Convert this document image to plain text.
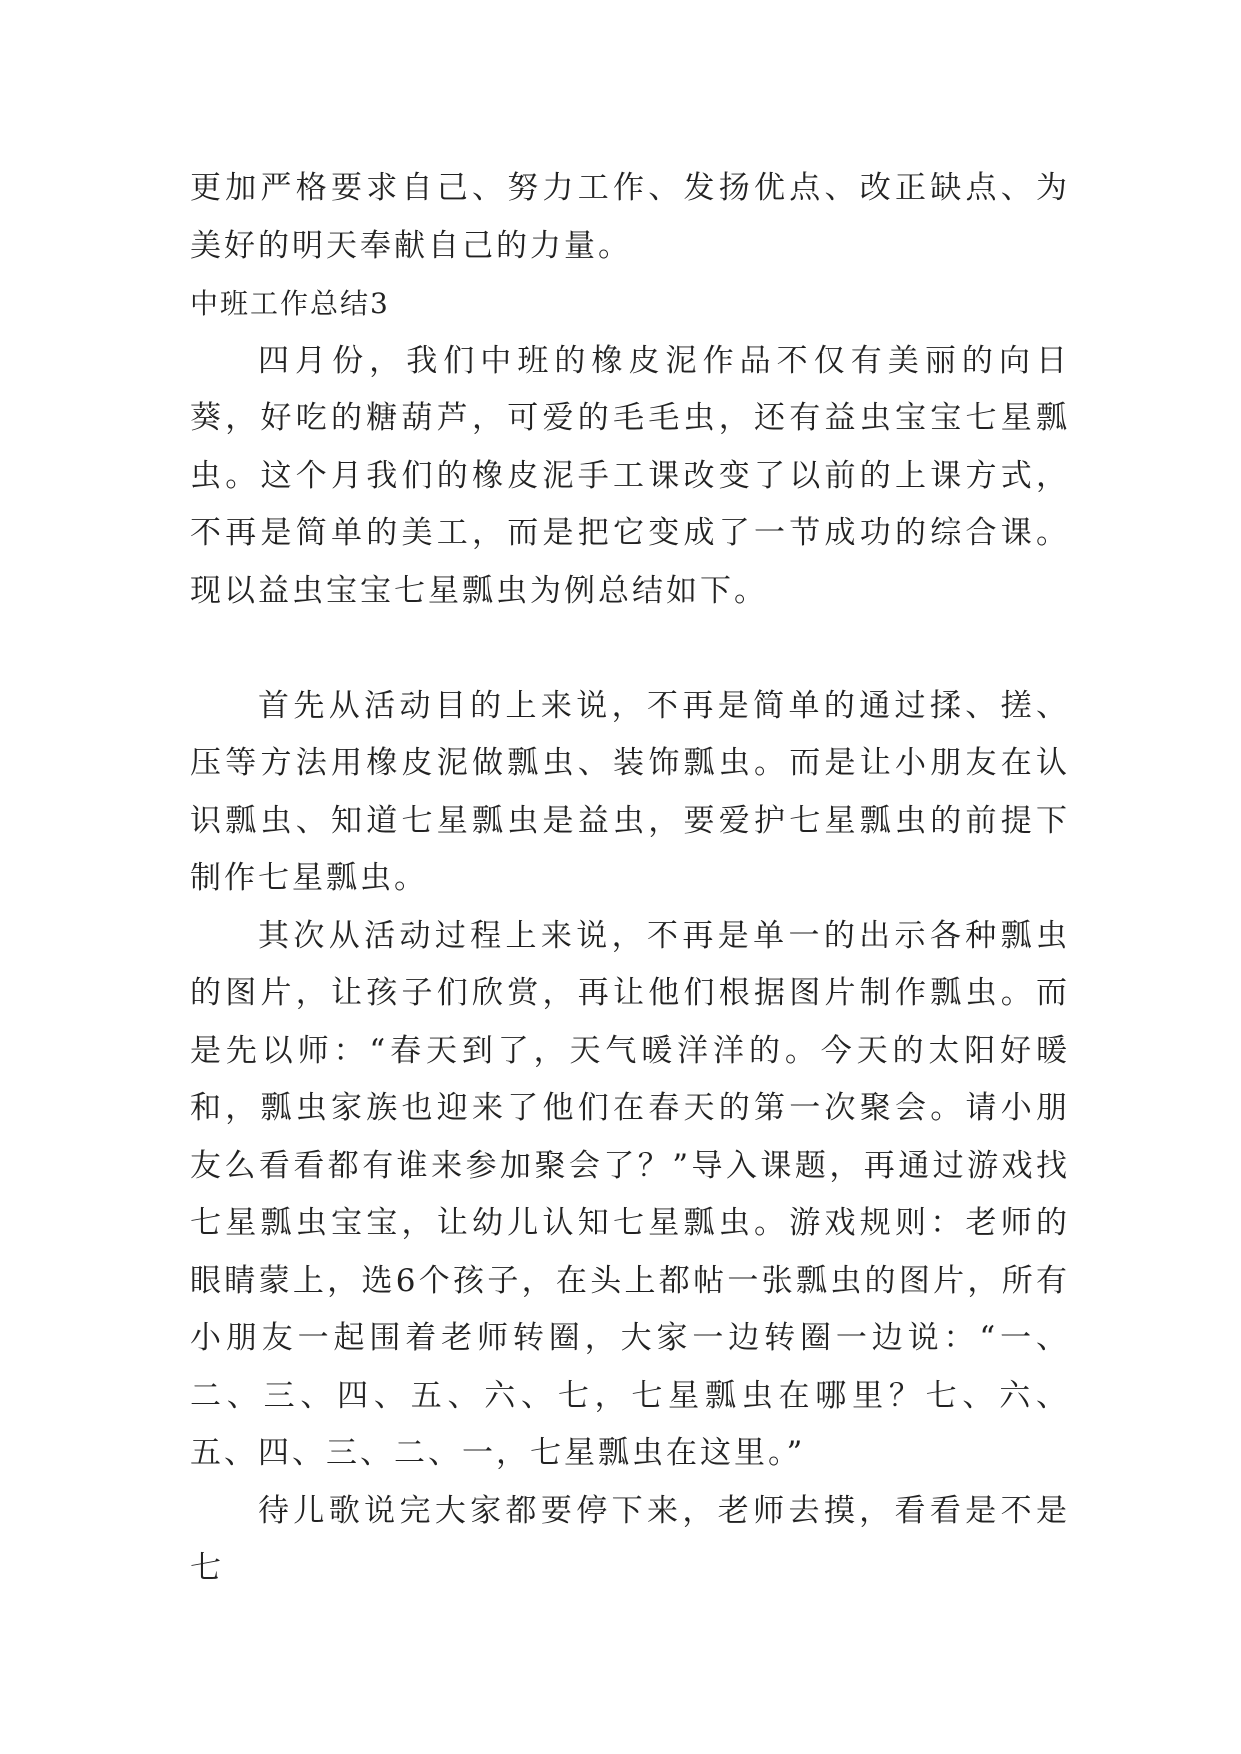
更加严格要求自己、努力工作、发扬优点、改正缺点、为美好的明天奉献自己的力量。

中班工作总结3

四月份，我们中班的橡皮泥作品不仅有美丽的向日葵，好吃的糖葫芦，可爱的毛毛虫，还有益虫宝宝七星瓢虫。这个月我们的橡皮泥手工课改变了以前的上课方式，不再是简单的美工，而是把它变成了一节成功的综合课。现以益虫宝宝七星瓢虫为例总结如下。

首先从活动目的上来说，不再是简单的通过揉、搓、压等方法用橡皮泥做瓢虫、装饰瓢虫。而是让小朋友在认识瓢虫、知道七星瓢虫是益虫，要爱护七星瓢虫的前提下制作七星瓢虫。

其次从活动过程上来说，不再是单一的出示各种瓢虫的图片，让孩子们欣赏，再让他们根据图片制作瓢虫。而是先以师：“春天到了，天气暖洋洋的。今天的太阳好暖和，瓢虫家族也迎来了他们在春天的第一次聚会。请小朋友么看看都有谁来参加聚会了？”导入课题，再通过游戏找七星瓢虫宝宝，让幼儿认知七星瓢虫。游戏规则：老师的眼睛蒙上，选6个孩子，在头上都帖一张瓢虫的图片，所有小朋友一起围着老师转圈，大家一边转圈一边说：“一、二、三、四、五、六、七，七星瓢虫在哪里？七、六、五、四、三、二、一，七星瓢虫在这里。”

待儿歌说完大家都要停下来，老师去摸，看看是不是七
